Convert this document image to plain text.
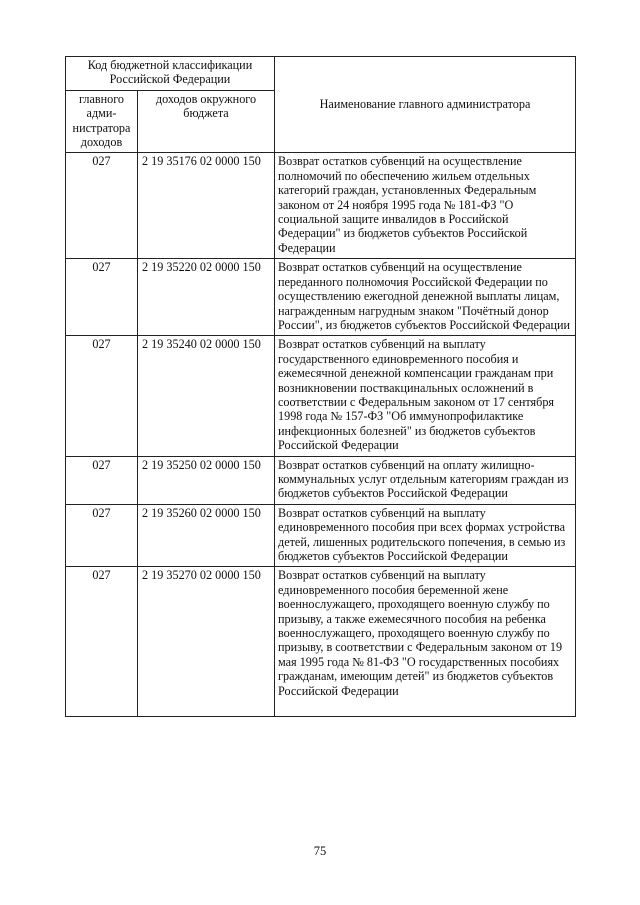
Код бюджетной классификации Российской Федерации		Наименование главного администратора
главного адми-нистратора доходов	доходов окружного бюджета	
027	2 19 35176 02 0000 150	Возврат остатков субвенций на осуществление полномочий по обеспечению жильем отдельных категорий граждан, установленных Федеральным законом от 24 ноября 1995 года № 181-ФЗ "О социальной защите инвалидов в Российской Федерации" из бюджетов субъектов Российской Федерации
027	2 19 35220 02 0000 150	Возврат остатков субвенций на осуществление переданного полномочия Российской Федерации по осуществлению ежегодной денежной выплаты лицам, награжденным нагрудным знаком "Почётный донор России", из бюджетов субъектов Российской Федерации
027	2 19 35240 02 0000 150	Возврат остатков субвенций на выплату государственного единовременного пособия и ежемесячной денежной компенсации гражданам при возникновении поствакцинальных осложнений в соответствии с Федеральным законом от 17 сентября 1998 года № 157-ФЗ "Об иммунопрофилактике инфекционных болезней" из бюджетов субъектов Российской Федерации
027	2 19 35250 02 0000 150	Возврат остатков субвенций на оплату жилищно-коммунальных услуг отдельным категориям граждан из бюджетов субъектов Российской Федерации
027	2 19 35260 02 0000 150	Возврат остатков субвенций на выплату единовременного пособия при всех формах устройства детей, лишенных родительского попечения, в семью из бюджетов субъектов Российской Федерации
027	2 19 35270 02 0000 150	Возврат остатков субвенций на выплату единовременного пособия беременной жене военнослужащего, проходящего военную службу по призыву, а также ежемесячного пособия на ребенка военнослужащего, проходящего военную службу по призыву, в соответствии с Федеральным законом от 19 мая 1995 года № 81-ФЗ "О государственных пособиях гражданам, имеющим детей" из бюджетов субъектов Российской Федерации
75
